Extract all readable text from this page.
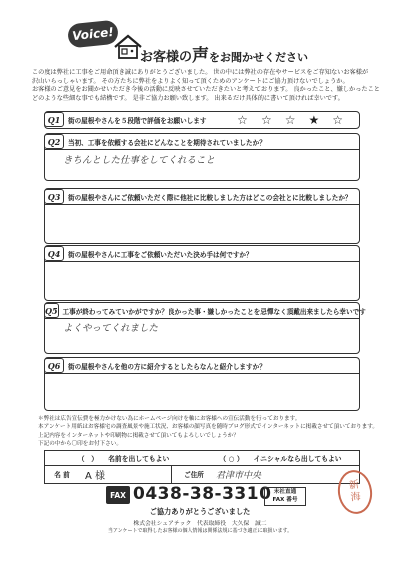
Voice!
お客様の声をお聞かせください
この度は弊社に工事をご用命頂き誠にありがとうございました。 世の中には弊社の存在やサービスをご存知ないお客様が
沢山いらっしゃいます。 その方たちに弊社をよりよく知って頂くためのアンケートにご協力頂けないでしょうか。
お客様のご意見をお聞かせいただき今後の活動に反映させていただきたいと考えております。 良かったこと、嫌しかったこと
どのような些細な事でも結構です。 是非ご協力お願い致します。 出来るだけ具体的に書いて頂ければ幸いです。
Q1	街の屋根やさんを５段階で評価をお願いします	☆ ☆ ☆ ★ ☆
Q2	当初、工事を依頼する会社にどんなことを期待されていましたか？
きちんとした仕事をしてくれること
Q3	街の屋根やさんにご依頼いただく際に他社に比較しました方はどこの会社とに比較しましたか？
Q4	街の屋根やさんに工事をご依頼いただいた決め手は何ですか？
Q5 工事が終わってみていかがですか？良かった事・嫌しかったことを忌憚なく頂戴出来ましたら幸いです
よくやってくれました
Q6	街の屋根やさんを他の方に紹介するとしたらなんと紹介しますか？
＊弊社は広告宣伝費を極力かけない為にホームページ向けを軸にお客様への宣伝活動を行っております。
本アンケート用紙はお客様宅の調査風景や施工状況、お客様の顔写真を随時ブログ形式でインターネットに掲載させて頂いております。
上記内容をインターネットや印刷物に掲載させて頂いてもよろしいでしょうか？
下記の中から〇印をお付下さい。
（　） 名前を出してもよい	（ ○ ） イニシャルなら出してもよい
名 前	A 様	ご住所	君津市中央
FAX 0438-38-3310 未社直通
FAX 番号
ご協力ありがとうございました
株式会社シェアテック　代表取締役　大久保　誠二
当アンケートで取得したお客様の個人情報は関係法規に基づき適正に取扱います。
新
海
